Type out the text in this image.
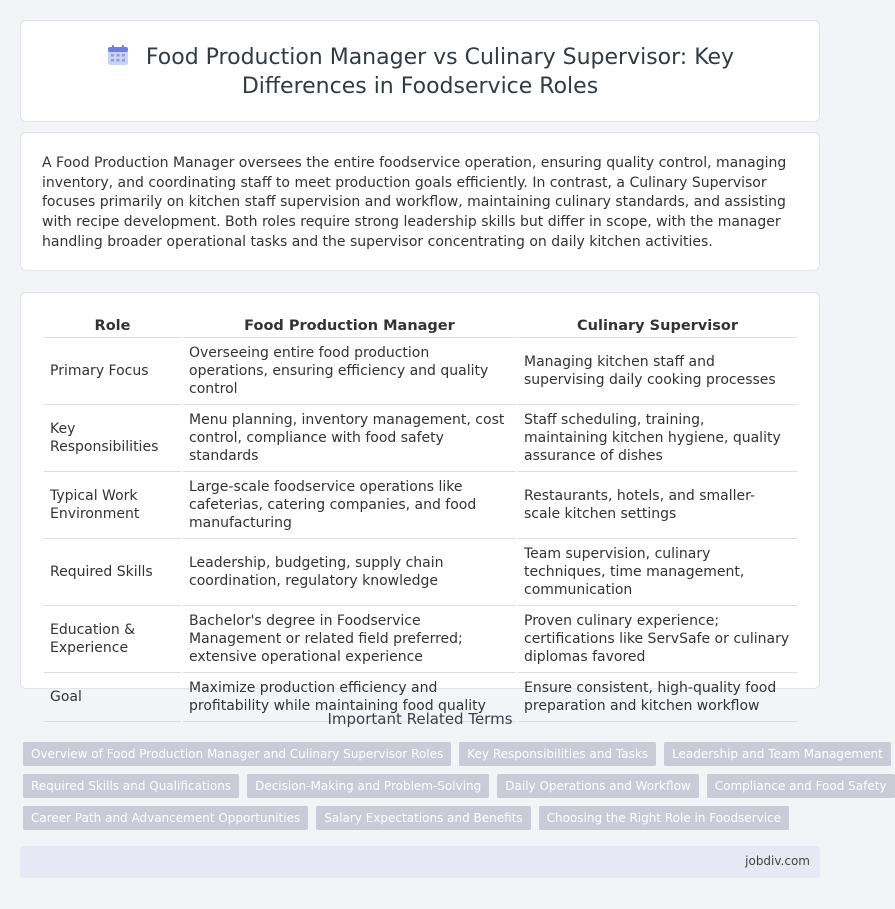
Food Production Manager vs Culinary Supervisor: Key Differences in Foodservice Roles

A Food Production Manager oversees the entire foodservice operation, ensuring quality control, managing inventory, and coordinating staff to meet production goals efficiently. In contrast, a Culinary Supervisor focuses primarily on kitchen staff supervision and workflow, maintaining culinary standards, and assisting with recipe development. Both roles require strong leadership skills but differ in scope, with the manager handling broader operational tasks and the supervisor concentrating on daily kitchen activities.

Role	Food Production Manager	Culinary Supervisor
Primary Focus	Overseeing entire food production operations, ensuring efficiency and quality control	Managing kitchen staff and supervising daily cooking processes
Key Responsibilities	Menu planning, inventory management, cost control, compliance with food safety standards	Staff scheduling, training, maintaining kitchen hygiene, quality assurance of dishes
Typical Work Environment	Large-scale foodservice operations like cafeterias, catering companies, and food manufacturing	Restaurants, hotels, and smaller-scale kitchen settings
Required Skills	Leadership, budgeting, supply chain coordination, regulatory knowledge	Team supervision, culinary techniques, time management, communication
Education & Experience	Bachelor's degree in Foodservice Management or related field preferred; extensive operational experience	Proven culinary experience; certifications like ServSafe or culinary diplomas favored
Goal	Maximize production efficiency and profitability while maintaining food quality	Ensure consistent, high-quality food preparation and kitchen workflow
Important Related Terms
Overview of Food Production Manager and Culinary Supervisor Roles	Key Responsibilities and Tasks	Leadership and Team Management
Required Skills and Qualifications	Decision-Making and Problem-Solving	Daily Operations and Workflow	Compliance and Food Safety
Career Path and Advancement Opportunities	Salary Expectations and Benefits	Choosing the Right Role in Foodservice
jobdiv.com
